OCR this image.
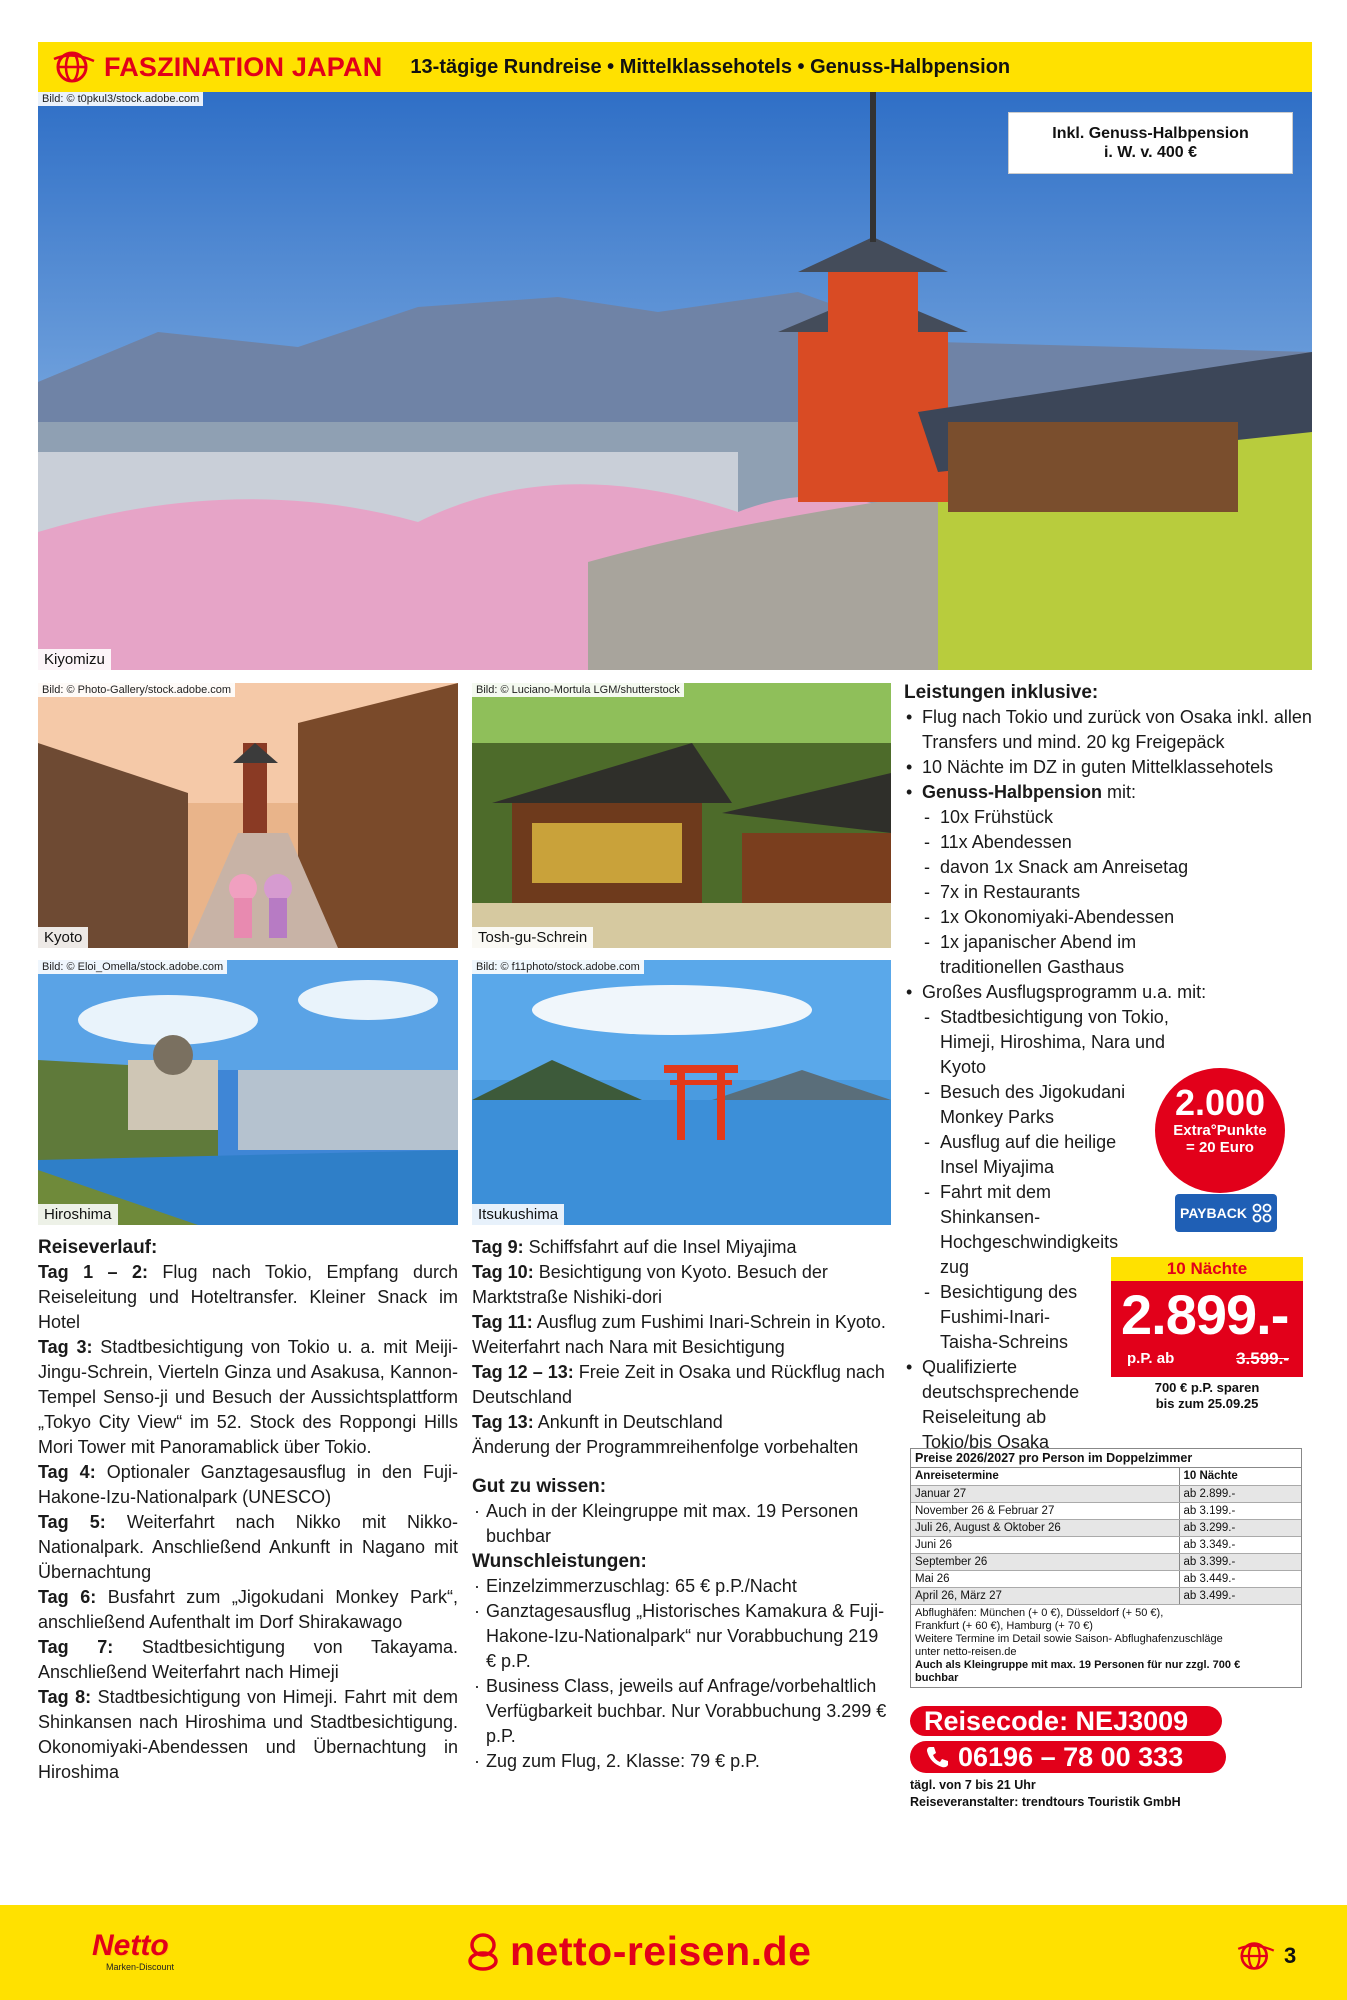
FASZINATION JAPAN 13-tägige Rundreise • Mittelklassehotels • Genuss-Halbpension
Bild: © t0pkul3/stock.adobe.com
Kiyomizu
Inkl. Genuss-Halbpension
i. W. v. 400 €
Bild: © Photo-Gallery/stock.adobe.com
Kyoto
Bild: © Luciano-Mortula LGM/shutterstock
Tosh-gu-Schrein
Bild: © Eloi_Omella/stock.adobe.com
Hiroshima
Bild: © f11photo/stock.adobe.com
Itsukushima
Reiseverlauf:

Tag 1 – 2: Flug nach Tokio, Empfang durch Reiseleitung und Hoteltransfer. Kleiner Snack im Hotel

Tag 3: Stadtbesichtigung von Tokio u. a. mit Meiji-Jingu-Schrein, Vierteln Ginza und Asakusa, Kannon-Tempel Senso-ji und Besuch der Aussichtsplattform „Tokyo City View“ im 52. Stock des Roppongi Hills Mori Tower mit Panoramablick über Tokio.

Tag 4: Optionaler Ganztagesausflug in den Fuji-Hakone-Izu-Nationalpark (UNESCO)

Tag 5: Weiterfahrt nach Nikko mit Nikko-Nationalpark. Anschließend Ankunft in Nagano mit Übernachtung

Tag 6: Busfahrt zum „Jigokudani Monkey Park“, anschließend Aufenthalt im Dorf Shirakawago

Tag 7: Stadtbesichtigung von Takayama. Anschließend Weiterfahrt nach Himeji

Tag 8: Stadtbesichtigung von Himeji. Fahrt mit dem Shinkansen nach Hiroshima und Stadtbesichtigung. Okonomiyaki-Abendessen und Übernachtung in Hiroshima

Tag 9: Schiffsfahrt auf die Insel Miyajima

Tag 10: Besichtigung von Kyoto. Besuch der Marktstraße Nishiki-dori

Tag 11: Ausflug zum Fushimi Inari-Schrein in Kyoto. Weiterfahrt nach Nara mit Besichtigung

Tag 12 – 13: Freie Zeit in Osaka und Rückflug nach Deutschland

Tag 13: Ankunft in Deutschland

Änderung der Programmreihenfolge vorbehalten

Gut zu wissen:
· Auch in der Kleingruppe mit max. 19 Personen buchbar
Wunschleistungen:
· Einzelzimmerzuschlag: 65 € p.P./Nacht
· Ganztagesausflug „Historisches Kamakura & Fuji-Hakone-Izu-Nationalpark“ nur Vorabbuchung 219 € p.P.
· Business Class, jeweils auf Anfrage/vorbehaltlich Verfügbarkeit buchbar. Nur Vorabbuchung 3.299 € p.P.
· Zug zum Flug, 2. Klasse: 79 € p.P.
Leistungen inklusive:
• Flug nach Tokio und zurück von Osaka inkl. allen Transfers und mind. 20 kg Freigepäck
• 10 Nächte im DZ in guten Mittelklassehotels
• Genuss-Halbpension mit:
- 10x Frühstück
- 11x Abendessen
- davon 1x Snack am Anreisetag
- 7x in Restaurants
- 1x Okonomiyaki-Abendessen
- 1x japanischer Abend im traditionellen Gasthaus
• Großes Ausflugsprogramm u.a. mit:
- Stadtbesichtigung von Tokio, Himeji, Hiroshima, Nara und Kyoto
- Besuch des Jigokudani Monkey Parks
- Ausflug auf die heilige Insel Miyajima
- Fahrt mit dem Shinkansen-Hochgeschwindigkeitszug
- Besichtigung des Fushimi-Inari-Taisha-Schreins
• Qualifizierte deutschsprechende Reiseleitung ab Tokio/bis Osaka
2.000
Extra°Punkte
= 20 Euro
PAYBACK
10 Nächte
2.899.-
p.P. ab	3.599.-
700 € p.P. sparen
bis zum 25.09.25
Preise 2026/2027 pro Person im Doppelzimmer
Anreisetermine	10 Nächte
Januar 27	ab 2.899.-
November 26 & Februar 27	ab 3.199.-
Juli 26, August & Oktober 26	ab 3.299.-
Juni 26	ab 3.349.-
September 26	ab 3.399.-
Mai 26	ab 3.449.-
April 26, März 27	ab 3.499.-
Abflughäfen: München (+ 0 €), Düsseldorf (+ 50 €),
Frankfurt (+ 60 €), Hamburg (+ 70 €)
Weitere Termine im Detail sowie Saison- Abflughafenzuschläge
unter netto-reisen.de
Auch als Kleingruppe mit max. 19 Personen für nur zzgl. 700 €
buchbar
Reisecode: NEJ3009
06196 – 78 00 333
tägl. von 7 bis 21 Uhr
Reiseveranstalter: trendtours Touristik GmbH
Netto
Marken-Discount	netto-reisen.de	3
